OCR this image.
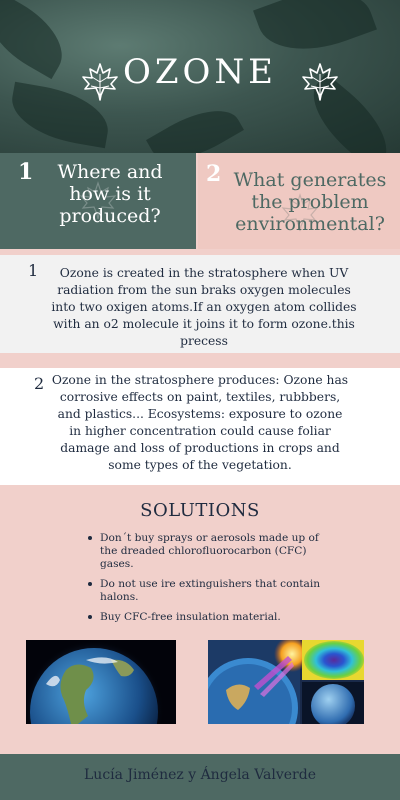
OZONE
1	Where and how is it produced?
2 What generates the problem environmental?
1	Ozone is created in the stratosphere when UV radiation from the sun braks oxygen molecules into two oxigen atoms.If an oxygen atom collides with an o2 molecule it joins it to form ozone.this precess
2 Ozone in the stratosphere produces: Ozone has corrosive effects on paint, textiles, rubbbers, and plastics... Ecosystems: exposure to ozone in higher concentration could cause foliar damage and loss of productions in crops and some types of the vegetation.
SOLUTIONS
Don´t buy sprays or aerosols made up of the dreaded chlorofluorocarbon (CFC) gases.
Do not use ire extinguishers that contain halons.
Buy CFC-free insulation material.
Lucía Jiménez y Ángela Valverde
